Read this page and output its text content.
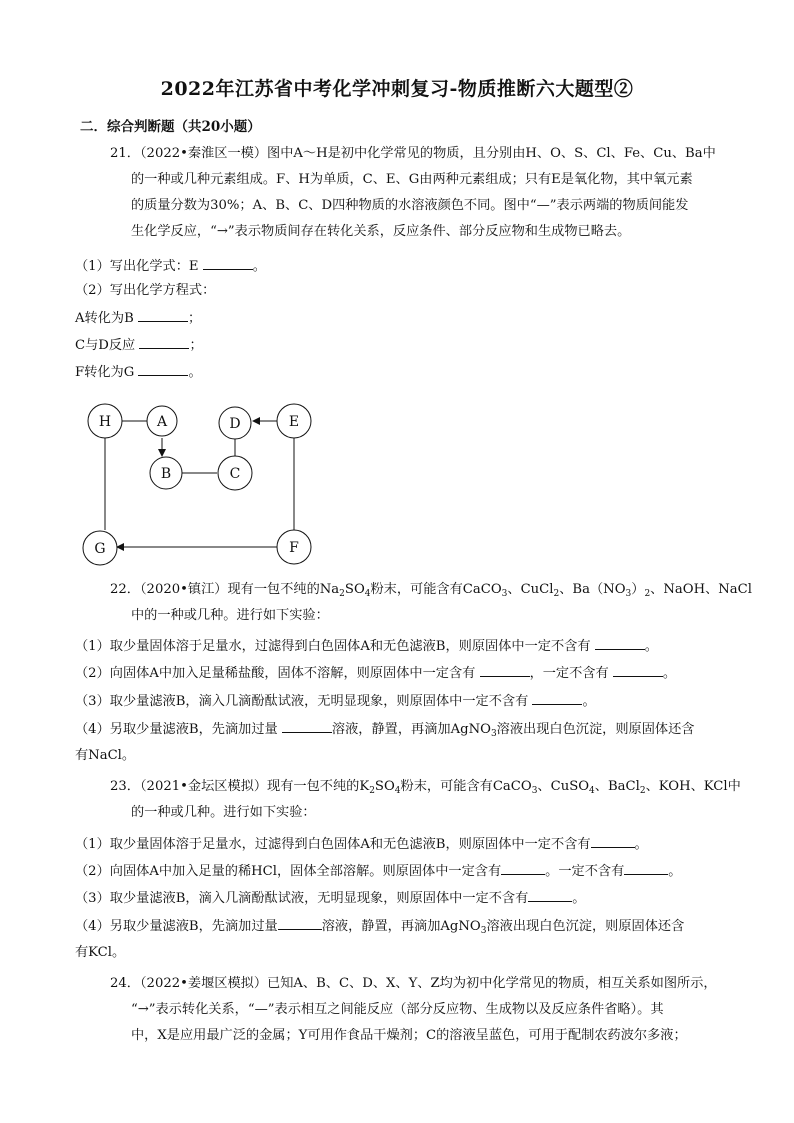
2022年江苏省中考化学冲刺复习-物质推断六大题型②
二．综合判断题（共20小题）
21．（2022•秦淮区一模）图中A～H是初中化学常见的物质，且分别由H、O、S、Cl、Fe、Cu、Ba中
的一种或几种元素组成。F、H为单质，C、E、G由两种元素组成；只有E是氧化物，其中氧元素
的质量分数为30%；A、B、C、D四种物质的水溶液颜色不同。图中“—”表示两端的物质间能发
生化学反应，“→”表示物质间存在转化关系，反应条件、部分反应物和生成物已略去。
（1）写出化学式：E	。
（2）写出化学方程式：
A转化为B	；
C与D反应	；
F转化为G	。
H	A	D	E
B	C
G	F
22．（2020•镇江）现有一包不纯的$Na_2SO_4$粉末，可能含有CaCO$_3$、CuCl$_2$、$Ba(NO_3)_2$、NaOH、NaCl
中的一种或几种。进行如下实验：
（1）取少量固体溶于足量水，过滤得到白色固体A和无色滤液B，则原固体中一定不含有	。
（2）向固体A中加入足量稀盐酸，固体不溶解，则原固体中一定含有	，一定不含有	。
（3）取少量滤液B，滴入几滴酚酞试液，无明显现象，则原固体中一定不含有	。
（4）另取少量滤液B，先滴加过量	溶液，静置，再滴加AgNO$_3$溶液出现白色沉淀，则原固体还含
有NaCl。
23．（2021•金坛区模拟）现有一包不纯的$K_2SO_4$粉末，可能含有CaCO$_3$、CuSO$_4$、BaCl$_2$、KOH、KCl中
的一种或几种。进行如下实验：
（1）取少量固体溶于足量水，过滤得到白色固体A和无色滤液B，则原固体中一定不含有	。
（2）向固体A中加入足量的稀HCl，固体全部溶解。则原固体中一定含有	。一定不含有	。
（3）取少量滤液B，滴入几滴酚酞试液，无明显现象，则原固体中一定不含有	。
（4）另取少量滤液B，先滴加过量	溶液，静置，再滴加AgNO$_3$溶液出现白色沉淀，则原固体还含
有KCl。
24．（2022•姜堰区模拟）已知A、B、C、D、X、Y、Z均为初中化学常见的物质，相互关系如图所示，
“→”表示转化关系，“—”表示相互之间能反应（部分反应物、生成物以及反应条件省略）。其
中，X是应用最广泛的金属；Y可用作食品干燥剂；C的溶液呈蓝色，可用于配制农药波尔多液；
